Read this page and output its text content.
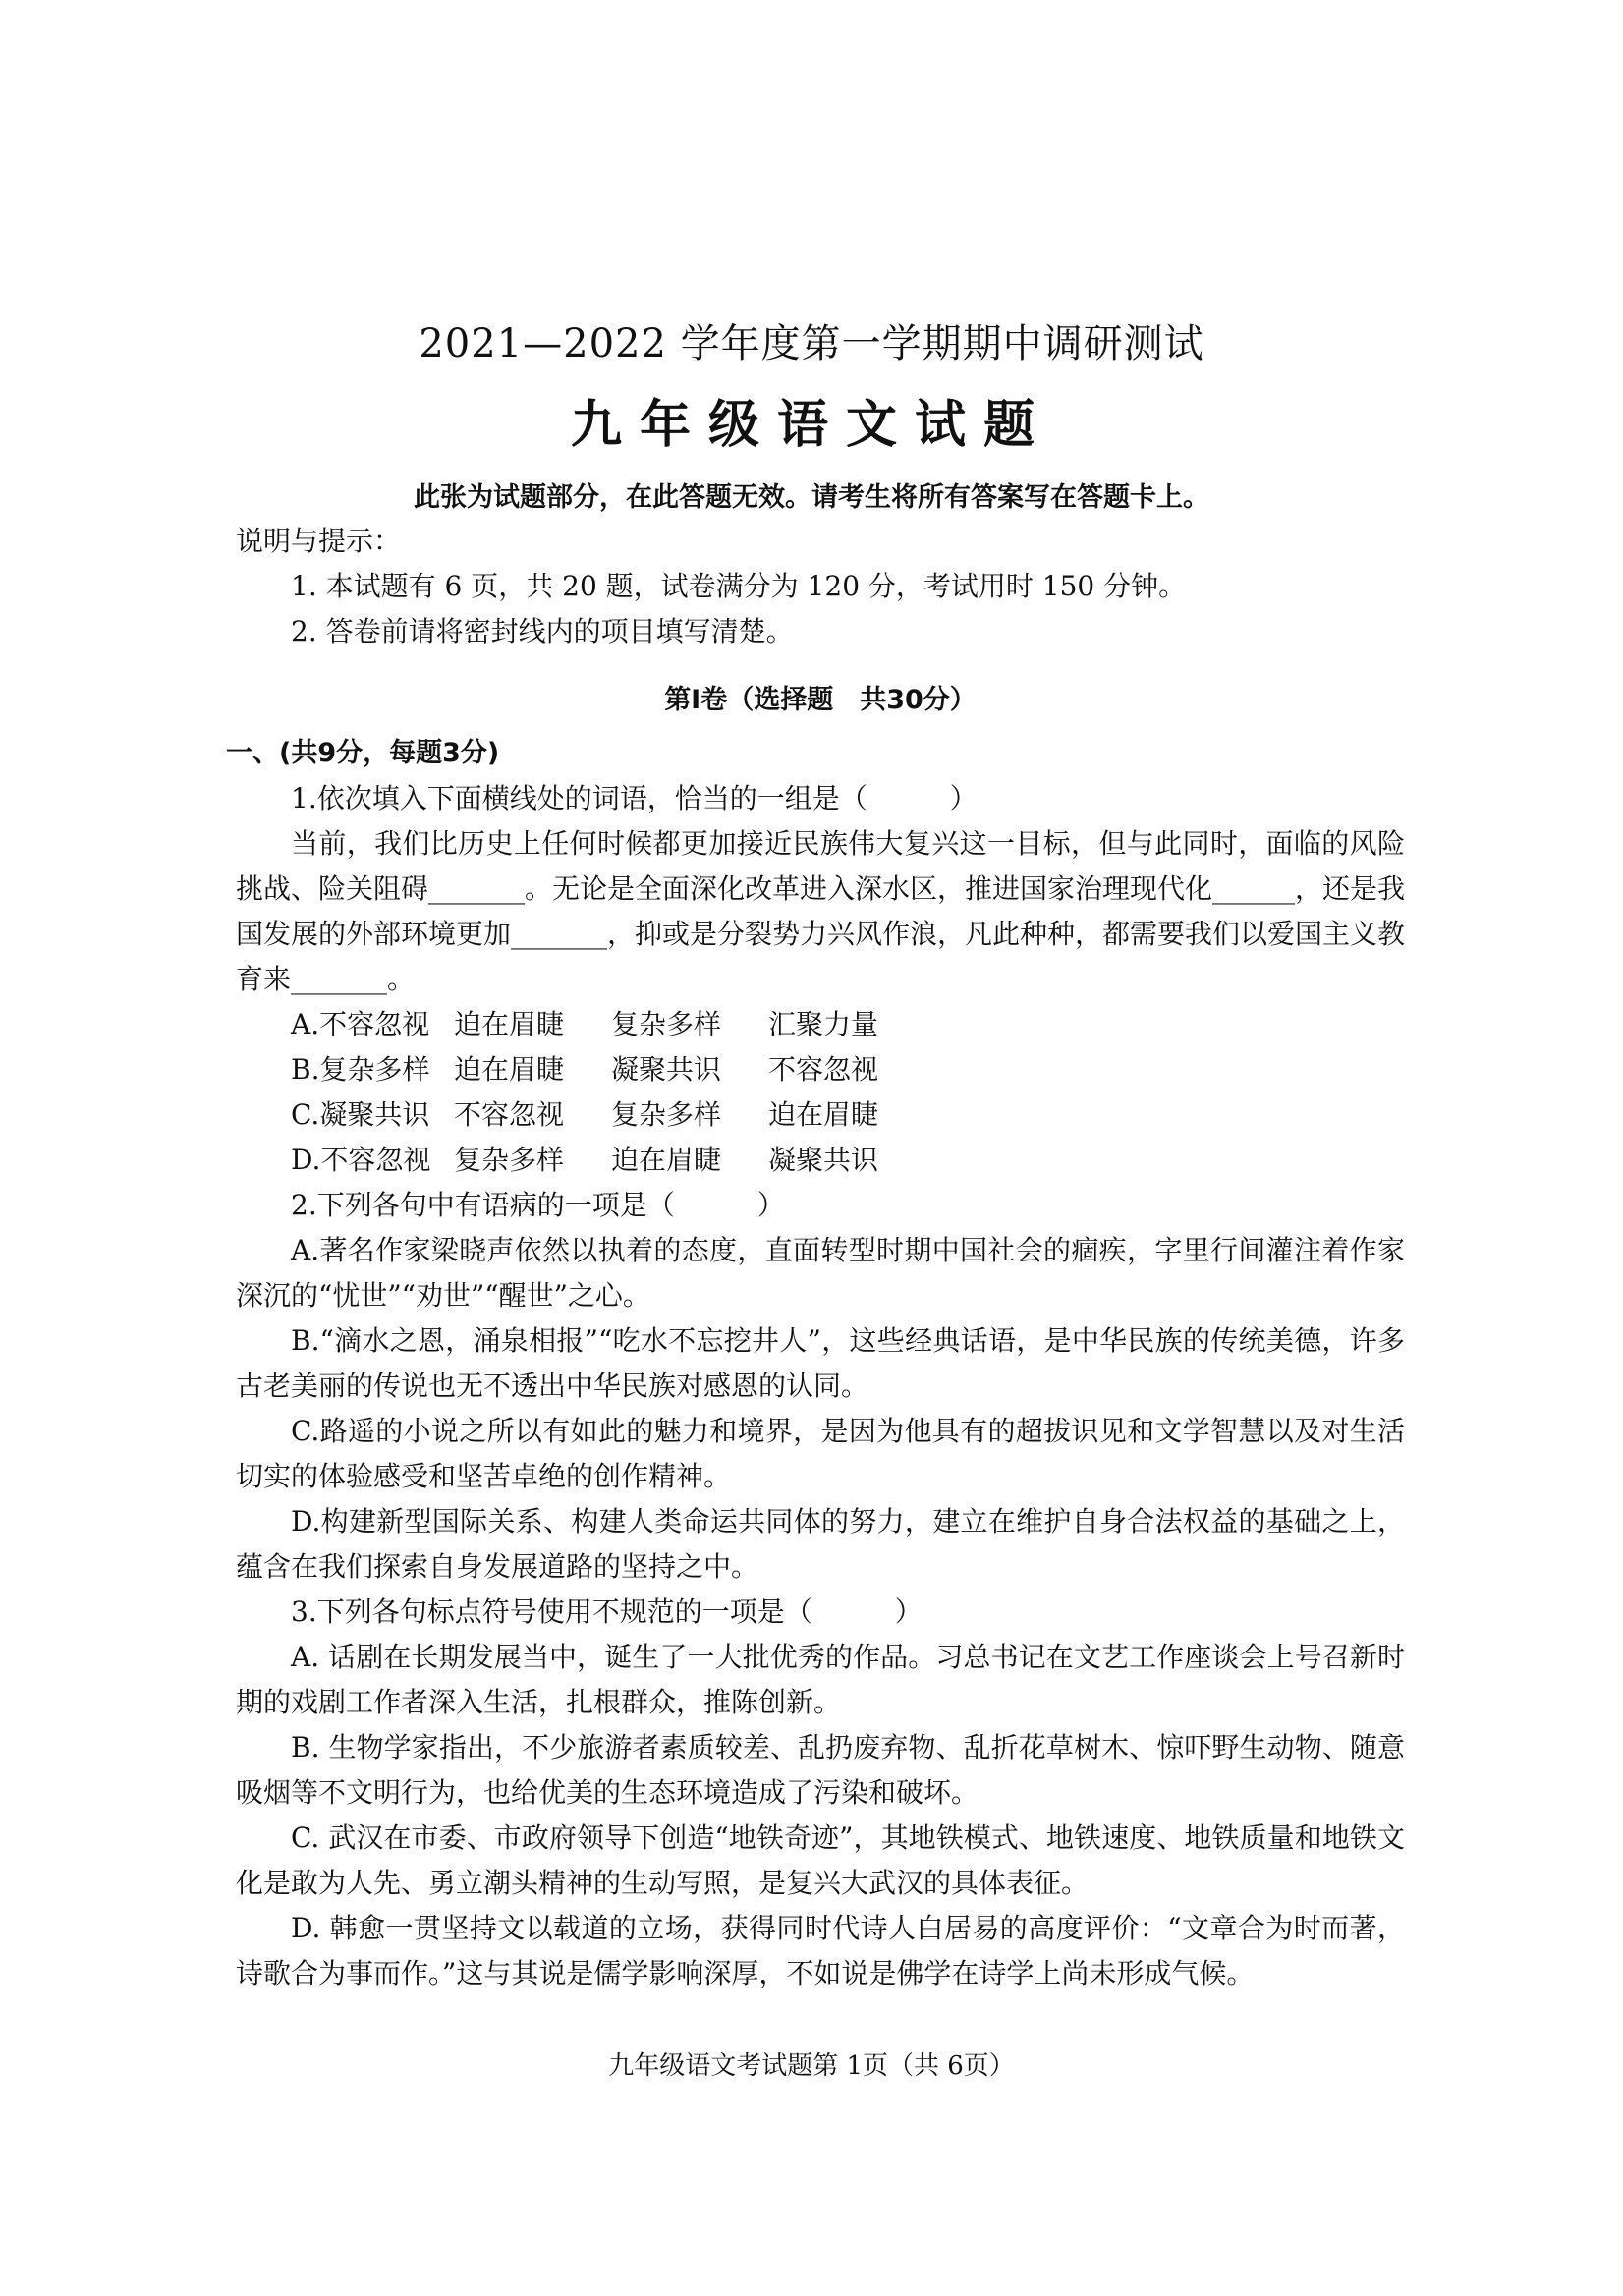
2021—2022 学年度第一学期期中调研测试
九年级语文试题
此张为试题部分，在此答题无效。请考生将所有答案写在答题卡上。

说明与提示：

1. 本试题有 6 页，共 20 题，试卷满分为 120 分，考试用时 150 分钟。

2. 答卷前请将密封线内的项目填写清楚。

第Ⅰ卷（选择题　共30分）

一、(共9分，每题3分)

1.依次填入下面横线处的词语，恰当的一组是（　　　）

当前，我们比历史上任何时候都更加接近民族伟大复兴这一目标，但与此同时，面临的风险挑战、险关阻碍_______。无论是全面深化改革进入深水区，推进国家治理现代化______，还是我国发展的外部环境更加_______，抑或是分裂势力兴风作浪，凡此种种，都需要我们以爱国主义教育来_______。

A.不容忽视 迫在眉睫 复杂多样 汇聚力量
B.复杂多样 迫在眉睫 凝聚共识 不容忽视
C.凝聚共识 不容忽视 复杂多样 迫在眉睫
D.不容忽视 复杂多样 迫在眉睫 凝聚共识

2.下列各句中有语病的一项是（　　　）

A.著名作家梁晓声依然以执着的态度，直面转型时期中国社会的痼疾，字里行间灌注着作家深沉的“忧世”“劝世”“醒世”之心。

B.“滴水之恩，涌泉相报”“吃水不忘挖井人”，这些经典话语，是中华民族的传统美德，许多古老美丽的传说也无不透出中华民族对感恩的认同。

C.路遥的小说之所以有如此的魅力和境界，是因为他具有的超拔识见和文学智慧以及对生活切实的体验感受和坚苦卓绝的创作精神。

D.构建新型国际关系、构建人类命运共同体的努力，建立在维护自身合法权益的基础之上，蕴含在我们探索自身发展道路的坚持之中。

3.下列各句标点符号使用不规范的一项是（　　　）

A. 话剧在长期发展当中，诞生了一大批优秀的作品。习总书记在文艺工作座谈会上号召新时期的戏剧工作者深入生活，扎根群众，推陈创新。

B. 生物学家指出，不少旅游者素质较差、乱扔废弃物、乱折花草树木、惊吓野生动物、随意吸烟等不文明行为，也给优美的生态环境造成了污染和破坏。

C. 武汉在市委、市政府领导下创造“地铁奇迹”，其地铁模式、地铁速度、地铁质量和地铁文化是敢为人先、勇立潮头精神的生动写照，是复兴大武汉的具体表征。

D. 韩愈一贯坚持文以载道的立场，获得同时代诗人白居易的高度评价：“文章合为时而著，诗歌合为事而作。”这与其说是儒学影响深厚，不如说是佛学在诗学上尚未形成气候。

九年级语文考试题第 1页（共 6页）
